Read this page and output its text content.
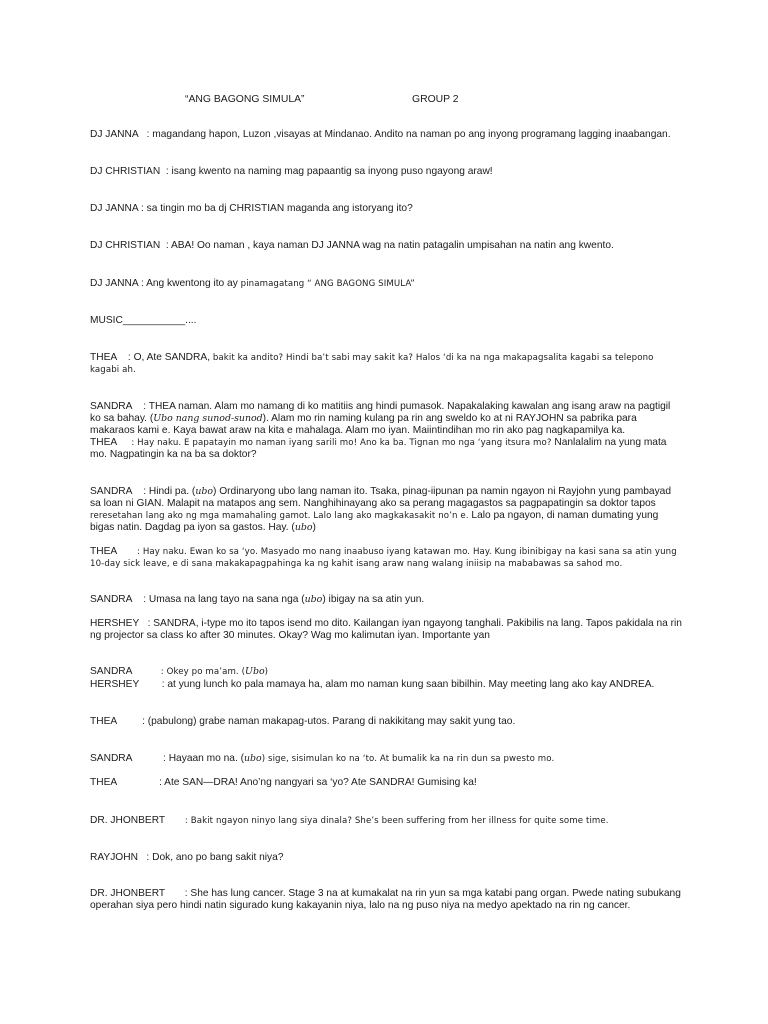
“ANG BAGONG SIMULA”	GROUP 2
DJ JANNA   : magandang hapon, Luzon ,visayas at Mindanao. Andito na naman po ang inyong programang lagging inaabangan.
DJ CHRISTIAN  : isang kwento na naming mag papaantig sa inyong puso ngayong araw!
DJ JANNA : sa tingin mo ba dj CHRISTIAN maganda ang istoryang ito?
DJ CHRISTIAN  : ABA! Oo naman , kaya naman DJ JANNA wag na natin patagalin umpisahan na natin ang kwento.
DJ JANNA : Ang kwentong ito ay pinamagatang “ ANG BAGONG SIMULA”
MUSIC___________....
THEA    : O, Ate SANDRA, bakit ka andito? Hindi ba’t sabi may sakit ka? Halos ‘di ka na nga makapagsalita kagabi sa telepono kagabi ah.
SANDRA    : THEA naman. Alam mo namang di ko matitiis ang hindi pumasok. Napakalaking kawalan ang isang araw na pagtigil ko sa bahay. (Ubo nang sunod-sunod). Alam mo rin naming kulang pa rin ang sweldo ko at ni RAYJOHN sa pabrika para makaraos kami e. Kaya bawat araw na kita e mahalaga. Alam mo iyan. Maiintindihan mo rin ako pag nagkapamilya ka.
THEA     : Hay naku. E papatayin mo naman iyang sarili mo! Ano ka ba. Tignan mo nga ‘yang itsura mo? Nanlalalim na yung mata mo. Nagpatingin ka na ba sa doktor?
SANDRA    : Hindi pa. (ubo) Ordinaryong ubo lang naman ito. Tsaka, pinag-iipunan pa namin ngayon ni Rayjohn yung pambayad sa loan ni GIAN. Malapit na matapos ang sem. Nanghihinayang ako sa perang magagastos sa pagpapatingin sa doktor tapos reresetahan lang ako ng mga mamahaling gamot. Lalo lang ako magkakasakit no’n e. Lalo pa ngayon, di naman dumating yung bigas natin. Dagdag pa iyon sa gastos. Hay. (ubo)
THEA       : Hay naku. Ewan ko sa ‘yo. Masyado mo nang inaabuso iyang katawan mo. Hay. Kung ibinibigay na kasi sana sa atin yung 10-day sick leave, e di sana makakapagpahinga ka ng kahit isang araw nang walang iniisip na mababawas sa sahod mo.
SANDRA    : Umasa na lang tayo na sana nga (ubo) ibigay na sa atin yun.
HERSHEY   : SANDRA, i-type mo ito tapos isend mo dito. Kailangan iyan ngayong tanghali. Pakibilis na lang. Tapos pakidala na rin ng projector sa class ko after 30 minutes. Okay? Wag mo kalimutan iyan. Importante yan
SANDRA          : Okey po ma’am. (Ubo)
HERSHEY        : at yung lunch ko pala mamaya ha, alam mo naman kung saan bibilhin. May meeting lang ako kay ANDREA.
THEA         : (pabulong) grabe naman makapag-utos. Parang di nakikitang may sakit yung tao.
SANDRA           : Hayaan mo na. (ubo) sige, sisimulan ko na ‘to. At bumalik ka na rin dun sa pwesto mo.
THEA               : Ate SAN—DRA! Ano’ng nangyari sa ‘yo? Ate SANDRA! Gumising ka!
DR. JHONBERT       : Bakit ngayon ninyo lang siya dinala? She’s been suffering from her illness for quite some time.
RAYJOHN   : Dok, ano po bang sakit niya?
DR. JHONBERT       : She has lung cancer. Stage 3 na at kumakalat na rin yun sa mga katabi pang organ. Pwede nating subukang operahan siya pero hindi natin sigurado kung kakayanin niya, lalo na ng puso niya na medyo apektado na rin ng cancer.
